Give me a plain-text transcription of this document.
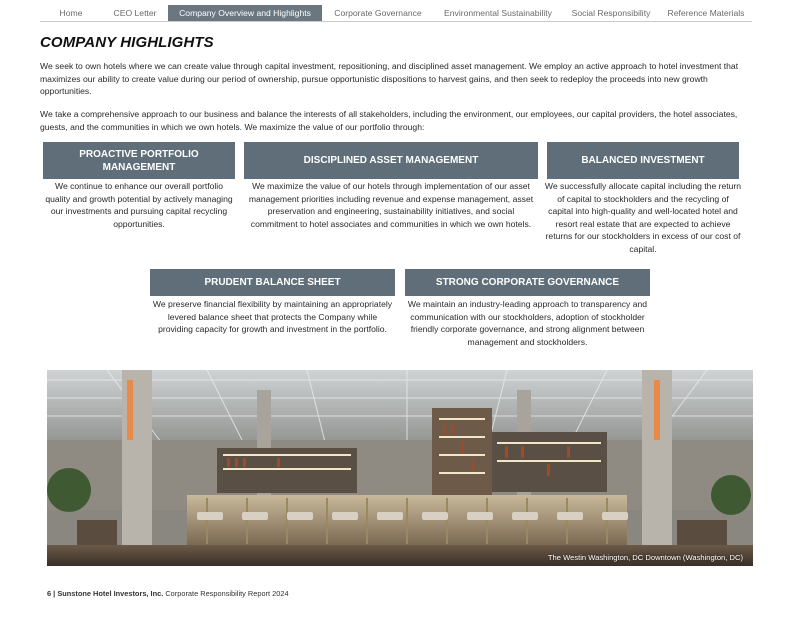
Home	CEO Letter	Company Overview and Highlights	Corporate Governance	Environmental Sustainability	Social Responsibility	Reference Materials
COMPANY HIGHLIGHTS

We seek to own hotels where we can create value through capital investment, repositioning, and disciplined asset management. We employ an active approach to hotel investment that maximizes our ability to create value during our period of ownership, pursue opportunistic dispositions to harvest gains, and then seek to redeploy the proceeds into new growth opportunities.

We take a comprehensive approach to our business and balance the interests of all stakeholders, including the environment, our employees, our capital providers, the hotel associates, guests, and the communities in which we own hotels. We maximize the value of our portfolio through:

PROACTIVE PORTFOLIO MANAGEMENT

We continue to enhance our overall portfolio quality and growth potential by actively managing our investments and pursuing capital recycling opportunities.

DISCIPLINED ASSET MANAGEMENT

We maximize the value of our hotels through implementation of our asset management priorities including revenue and expense management, asset preservation and engineering, sustainability initiatives, and social commitment to hotel associates and communities in which we own hotels.

BALANCED INVESTMENT

We successfully allocate capital including the return of capital to stockholders and the recycling of capital into high-quality and well-located hotel and resort real estate that are expected to achieve returns for our stockholders in excess of our cost of capital.

PRUDENT BALANCE SHEET

We preserve financial flexibility by maintaining an appropriately levered balance sheet that protects the Company while providing capacity for growth and investment in the portfolio.

STRONG CORPORATE GOVERNANCE

We maintain an industry-leading approach to transparency and communication with our stockholders, adoption of stockholder friendly corporate governance, and strong alignment between management and stockholders.

The Westin Washington, DC Downtown (Washington, DC)
6 | Sunstone Hotel Investors, Inc. Corporate Responsibility Report 2024
